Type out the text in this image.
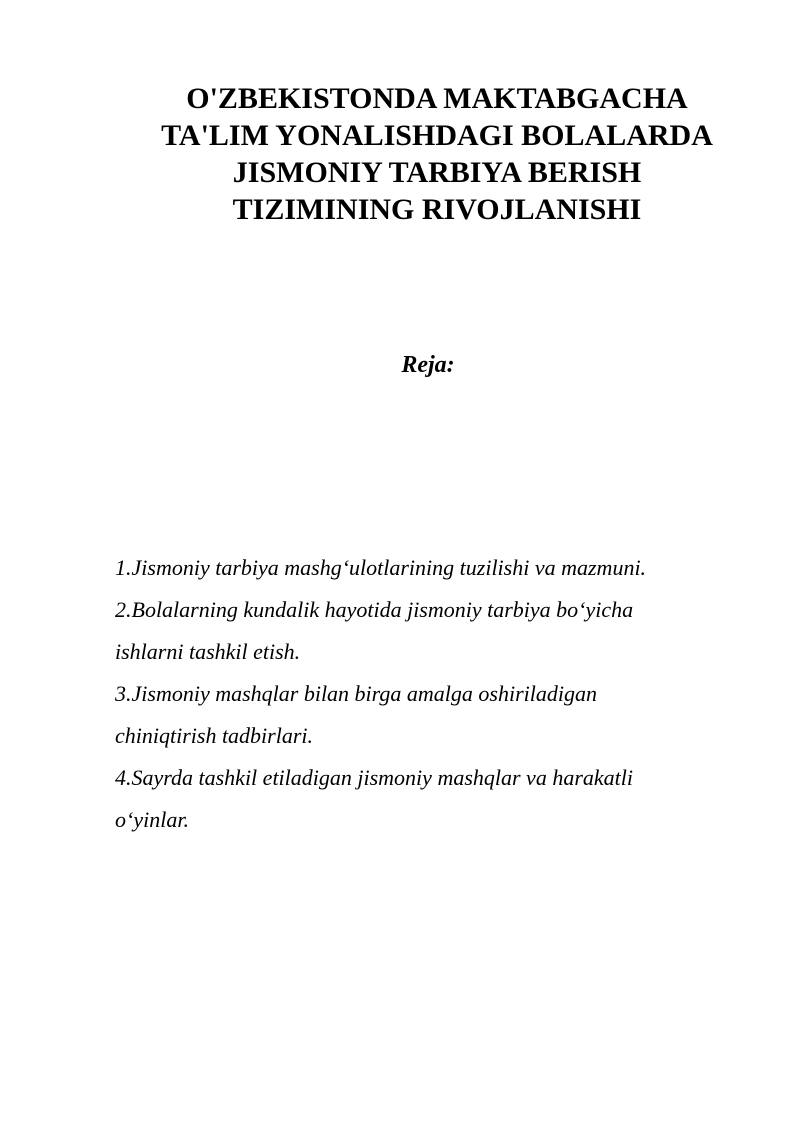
O'ZBEKISTONDA MAKTABGACHA
TA'LIM YONALISHDAGI BOLALARDA
JISMONIY TARBIYA BERISH
TIZIMINING RIVOJLANISHI
Reja:
1.Jismoniy tarbiya mashg‘ulotlarining tuzilishi va mazmuni.
2.Bolalarning kundalik hayotida jismoniy tarbiya bo‘yicha
ishlarni tashkil etish.
3.Jismoniy mashqlar bilan birga amalga oshiriladigan
chiniqtirish tadbirlari.
4.Sayrda tashkil etiladigan jismoniy mashqlar va harakatli
o‘yinlar.
